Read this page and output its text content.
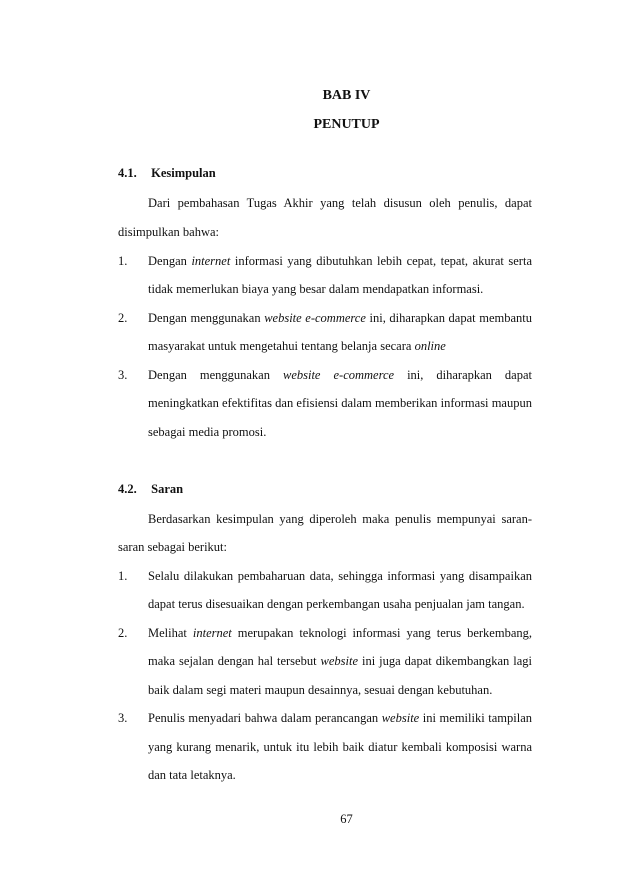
BAB IV
PENUTUP
4.1. Kesimpulan
Dari pembahasan Tugas Akhir yang telah disusun oleh penulis, dapat
disimpulkan bahwa:
1. Dengan internet informasi yang dibutuhkan lebih cepat, tepat, akurat serta
tidak memerlukan biaya yang besar dalam mendapatkan informasi.
2. Dengan menggunakan website e-commerce ini, diharapkan dapat membantu
masyarakat untuk mengetahui tentang belanja secara online
3. Dengan menggunakan website e-commerce ini, diharapkan dapat
meningkatkan efektifitas dan efisiensi dalam memberikan informasi maupun
sebagai media promosi.
4.2. Saran
Berdasarkan kesimpulan yang diperoleh maka penulis mempunyai saran-
saran sebagai berikut:
1. Selalu dilakukan pembaharuan data, sehingga informasi yang disampaikan
dapat terus disesuaikan dengan perkembangan usaha penjualan jam tangan.
2. Melihat internet merupakan teknologi informasi yang terus berkembang,
maka sejalan dengan hal tersebut website ini juga dapat dikembangkan lagi
baik dalam segi materi maupun desainnya, sesuai dengan kebutuhan.
3. Penulis menyadari bahwa dalam perancangan website ini memiliki tampilan
yang kurang menarik, untuk itu lebih baik diatur kembali komposisi warna
dan tata letaknya.
67
